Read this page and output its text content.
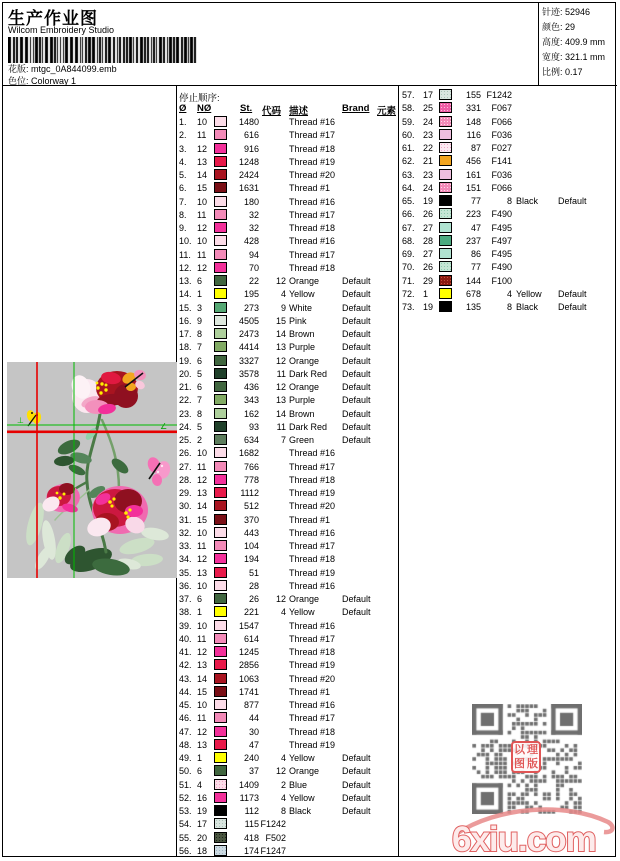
生产作业图
Wilcom Embroidery Studio
花版: mtgc_0A844099.emb
色位: Colorway 1
针迹: 52946
颜色: 29
高度: 409.9 mm
宽度: 321.1 mm
比例: 0.17
停止顺序:
Ø NØ	St. 代码 描述	Brand 元素
1.	10	1480	Thread #16
2.	11	616	Thread #17
3.	12	916	Thread #18
4.	13	1248	Thread #19
5.	14	2424	Thread #20
6.	15	1631	Thread #1
7.	10	180	Thread #16
8.	11	32	Thread #17
9.	12	32	Thread #18
10. 10	428	Thread #16
11. 11	94	Thread #17
12. 12	70	Thread #18
13. 6	22	12 Orange	Default
14. 1	195	4 Yellow	Default
15. 3	273	9 White	Default
16. 9	4505	15 Pink	Default
17. 8	2473	14 Brown	Default
18. 7	4414	13 Purple	Default
19. 6	3327	12 Orange	Default
20. 5	3578	11 Dark Red	Default
21. 6	436	12 Orange	Default
22. 7	343	13 Purple	Default
23. 8	162	14 Brown	Default
24. 5	93	11 Dark Red	Default
25. 2	634	7 Green	Default
26. 10	1682	Thread #16
27. 11	766	Thread #17
28. 12	778	Thread #18
29. 13	1112	Thread #19
30. 14	512	Thread #20
31. 15	370	Thread #1
32. 10	443	Thread #16
33. 11	104	Thread #17
34. 12	194	Thread #18
35. 13	51	Thread #19
36. 10	28	Thread #16
37. 6	26	12 Orange	Default
38. 1	221	4 Yellow	Default
39. 10	1547	Thread #16
40. 11	614	Thread #17
41. 12	1245	Thread #18
42. 13	2856	Thread #19
43. 14	1063	Thread #20
44. 15	1741	Thread #1
45. 10	877	Thread #16
46. 11	44	Thread #17
47. 12	30	Thread #18
48. 13	47	Thread #19
49. 1	240	4 Yellow	Default
50. 6	37	12 Orange	Default
51. 4	1409	2 Blue	Default
52. 16	1173	4 Yellow	Default
53. 19	112	8 Black	Default
54. 17	115 F1242
55. 20	418 F502
56. 18	174 F1247
57. 17	155 F1242
58. 25	331	F067
59. 24	148	F066
60. 23	116	F036
61. 22	87	F027
62. 21	456	F141
63. 23	161	F036
64. 24	151	F066
65. 19	77	8 Black	Default
66. 26	223	F490
67. 27	47	F495
68. 28	237	F497
69. 27	86	F495
70. 26	77	F490
71. 29	144	F100
72. 1	678	4 Yellow	Default
73. 19	135	8 Black	Default
⊥
∠
以 理
图 版
6xiu.com
